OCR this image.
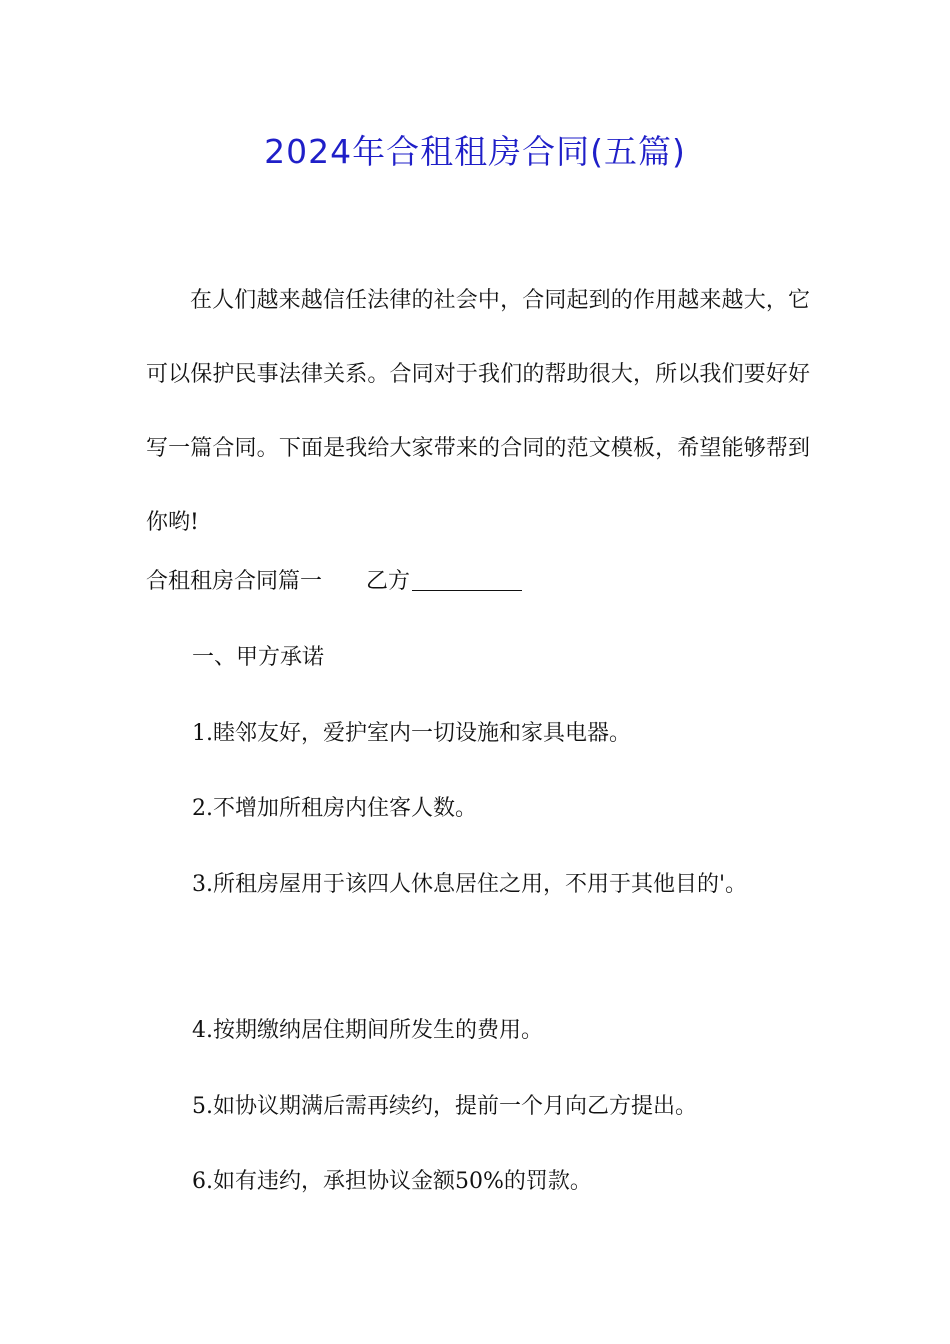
2024年合租租房合同(五篇)

在人们越来越信任法律的社会中，合同起到的作用越来越大，它可以保护民事法律关系。合同对于我们的帮助很大，所以我们要好好写一篇合同。下面是我给大家带来的合同的范文模板，希望能够帮到你哟!

合租租房合同篇一 乙方
一、甲方承诺
1.睦邻友好，爱护室内一切设施和家具电器。
2.不增加所租房内住客人数。
3.所租房屋用于该四人休息居住之用，不用于其他目的'。
4.按期缴纳居住期间所发生的费用。
5.如协议期满后需再续约，提前一个月向乙方提出。
6.如有违约，承担协议金额50%的罚款。
